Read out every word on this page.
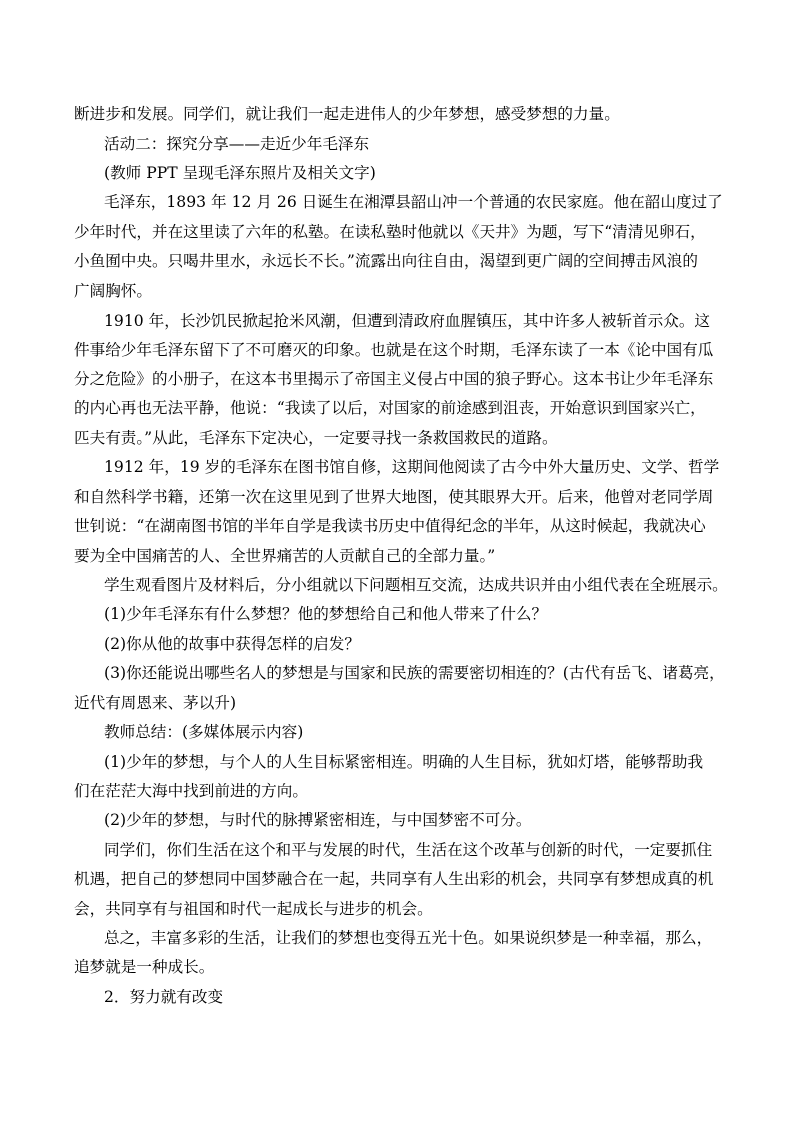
断进步和发展。同学们，就让我们一起走进伟人的少年梦想，感受梦想的力量。
活动二：探究分享——走近少年毛泽东
(教师 PPT 呈现毛泽东照片及相关文字)
毛泽东，1893 年 12 月 26 日诞生在湘潭县韶山冲一个普通的农民家庭。他在韶山度过了
少年时代，并在这里读了六年的私塾。在读私塾时他就以《天井》为题，写下“清清见卵石，
小鱼囿中央。只喝井里水，永远长不长。”流露出向往自由，渴望到更广阔的空间搏击风浪的
广阔胸怀。
1910 年，长沙饥民掀起抢米风潮，但遭到清政府血腥镇压，其中许多人被斩首示众。这
件事给少年毛泽东留下了不可磨灭的印象。也就是在这个时期，毛泽东读了一本《论中国有瓜
分之危险》的小册子，在这本书里揭示了帝国主义侵占中国的狼子野心。这本书让少年毛泽东
的内心再也无法平静，他说：“我读了以后，对国家的前途感到沮丧，开始意识到国家兴亡，
匹夫有责。”从此，毛泽东下定决心，一定要寻找一条救国救民的道路。
1912 年，19 岁的毛泽东在图书馆自修，这期间他阅读了古今中外大量历史、文学、哲学
和自然科学书籍，还第一次在这里见到了世界大地图，使其眼界大开。后来，他曾对老同学周
世钊说：“在湖南图书馆的半年自学是我读书历史中值得纪念的半年，从这时候起，我就决心
要为全中国痛苦的人、全世界痛苦的人贡献自己的全部力量。”
学生观看图片及材料后，分小组就以下问题相互交流，达成共识并由小组代表在全班展示。
(1)少年毛泽东有什么梦想？他的梦想给自己和他人带来了什么？
(2)你从他的故事中获得怎样的启发？
(3)你还能说出哪些名人的梦想是与国家和民族的需要密切相连的？(古代有岳飞、诸葛亮，
近代有周恩来、茅以升)
教师总结：(多媒体展示内容)
(1)少年的梦想，与个人的人生目标紧密相连。明确的人生目标，犹如灯塔，能够帮助我
们在茫茫大海中找到前进的方向。
(2)少年的梦想，与时代的脉搏紧密相连，与中国梦密不可分。
同学们，你们生活在这个和平与发展的时代，生活在这个改革与创新的时代，一定要抓住
机遇，把自己的梦想同中国梦融合在一起，共同享有人生出彩的机会，共同享有梦想成真的机
会，共同享有与祖国和时代一起成长与进步的机会。
总之，丰富多彩的生活，让我们的梦想也变得五光十色。如果说织梦是一种幸福，那么，
追梦就是一种成长。
2．努力就有改变
